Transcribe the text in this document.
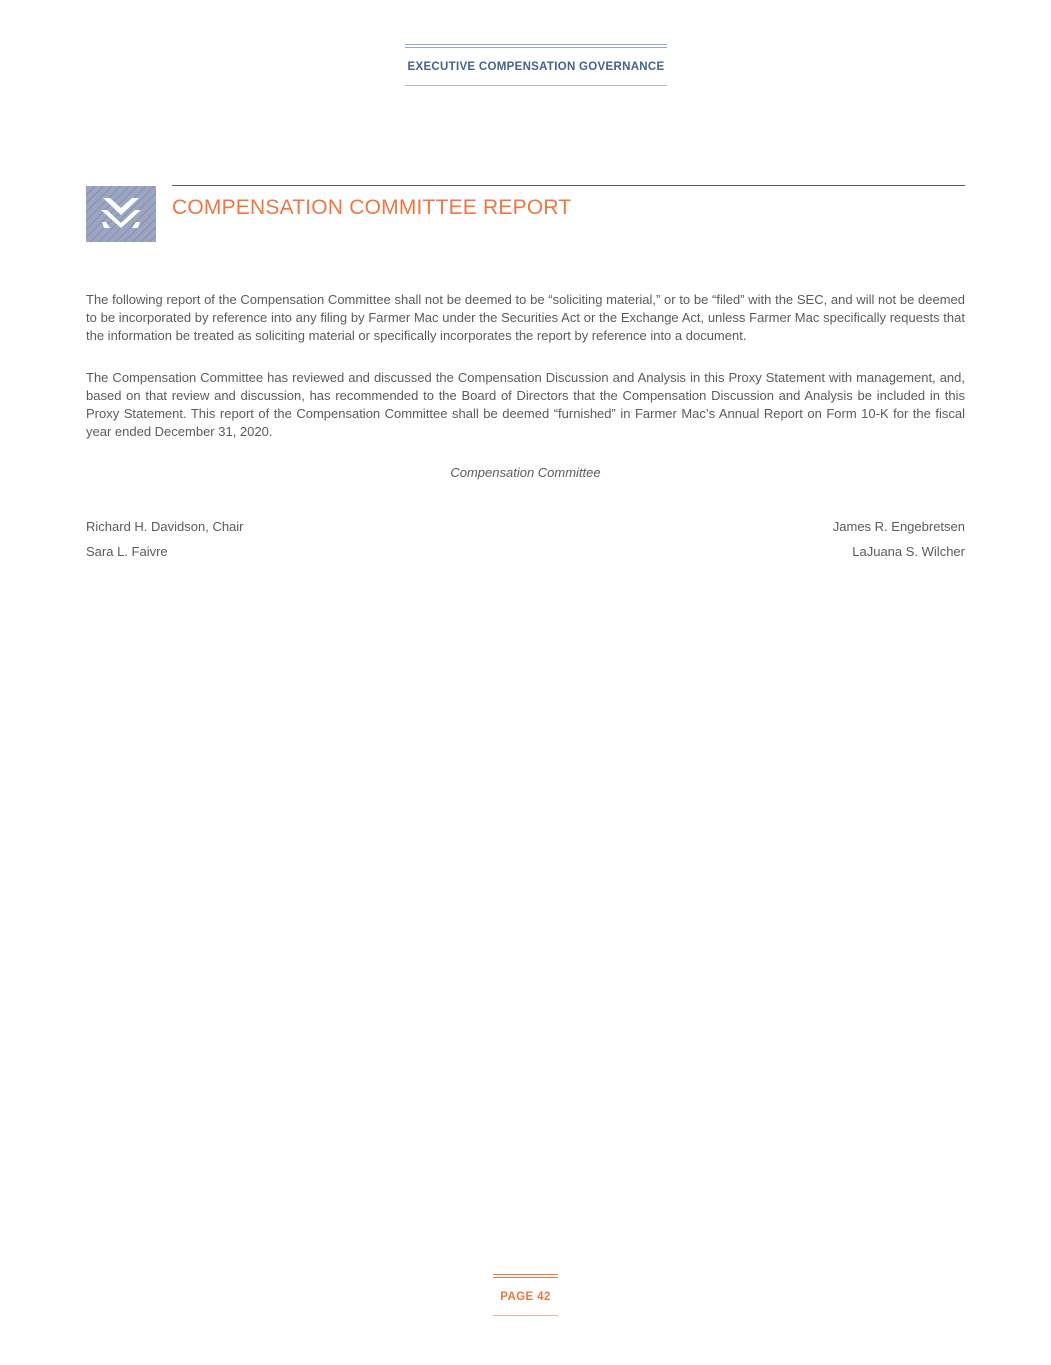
EXECUTIVE COMPENSATION GOVERNANCE
COMPENSATION COMMITTEE REPORT

The following report of the Compensation Committee shall not be deemed to be “soliciting material,” or to be “filed” with the SEC, and will not be deemed to be incorporated by reference into any filing by Farmer Mac under the Securities Act or the Exchange Act, unless Farmer Mac specifically requests that the information be treated as soliciting material or specifically incorporates the report by reference into a document.

The Compensation Committee has reviewed and discussed the Compensation Discussion and Analysis in this Proxy Statement with management, and, based on that review and discussion, has recommended to the Board of Directors that the Compensation Discussion and Analysis be included in this Proxy Statement. This report of the Compensation Committee shall be deemed “furnished” in Farmer Mac’s Annual Report on Form 10-K for the fiscal year ended December 31, 2020.

Compensation Committee
Richard H. Davidson, Chair	James R. Engebretsen
Sara L. Faivre	LaJuana S. Wilcher
PAGE 42
